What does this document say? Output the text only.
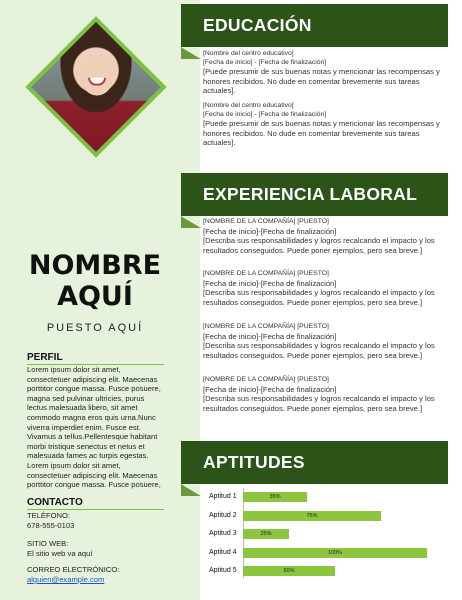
NOMBRE
AQUÍ
PUESTO AQUÍ
PERFIL
Lorem ipsum dolor sit amet, consectetuer adipiscing elit. Maecenas porttitor congue massa. Fusce posuere, magna sed pulvinar ultricies, purus lectus malesuada libero, sit amet commodo magna eros quis urna.Nunc viverra imperdiet enim. Fusce est. Vivamus a tellus.Pellentesque habitant morbi tristique senectus et netus et malesuada fames ac turpis egestas. Lorem ipsum dolor sit amet, consectetuer adipiscing elit. Maecenas porttitor congue massa. Fusce posuere,
CONTACTO
TELÉFONO:
678-555-0103
SITIO WEB:
El sitio web va aquí
CORREO ELECTRÓNICO:
alguien@example.com
EDUCACIÓN
[Nombre del centro educativo]
[Fecha de inicio] - [Fecha de finalización]
[Puede presumir de sus buenas notas y mencionar las recompensas y honores recibidos. No dude en comentar brevemente sus tareas actuales].
[Nombre del centro educativo]
[Fecha de inicio] - [Fecha de finalización]
[Puede presumir de sus buenas notas y mencionar las recompensas y honores recibidos. No dude en comentar brevemente sus tareas actuales].
EXPERIENCIA LABORAL
[NOMBRE DE LA COMPAÑÍA] [PUESTO]
[Fecha de inicio]-[Fecha de finalización]
[Describa sus responsabilidades y logros recalcando el impacto y los resultados conseguidos. Puede poner ejemplos, pero sea breve.]
[NOMBRE DE LA COMPAÑÍA] [PUESTO]
[Fecha de inicio]-[Fecha de finalización]
[Describa sus responsabilidades y logros recalcando el impacto y los resultados conseguidos. Puede poner ejemplos, pero sea breve.]
[NOMBRE DE LA COMPAÑÍA] [PUESTO]
[Fecha de inicio]-[Fecha de finalización]
[Describa sus responsabilidades y logros recalcando el impacto y los resultados conseguidos. Puede poner ejemplos, pero sea breve.]
[NOMBRE DE LA COMPAÑÍA] [PUESTO]
[Fecha de inicio]-[Fecha de finalización]
[Describa sus responsabilidades y logros recalcando el impacto y los resultados conseguidos. Puede poner ejemplos, pero sea breve.]
APTITUDES
Aptitud 1	35%
Aptitud 2	75%
Aptitud 3	25%
Aptitud 4	100%
Aptitud 5	50%
